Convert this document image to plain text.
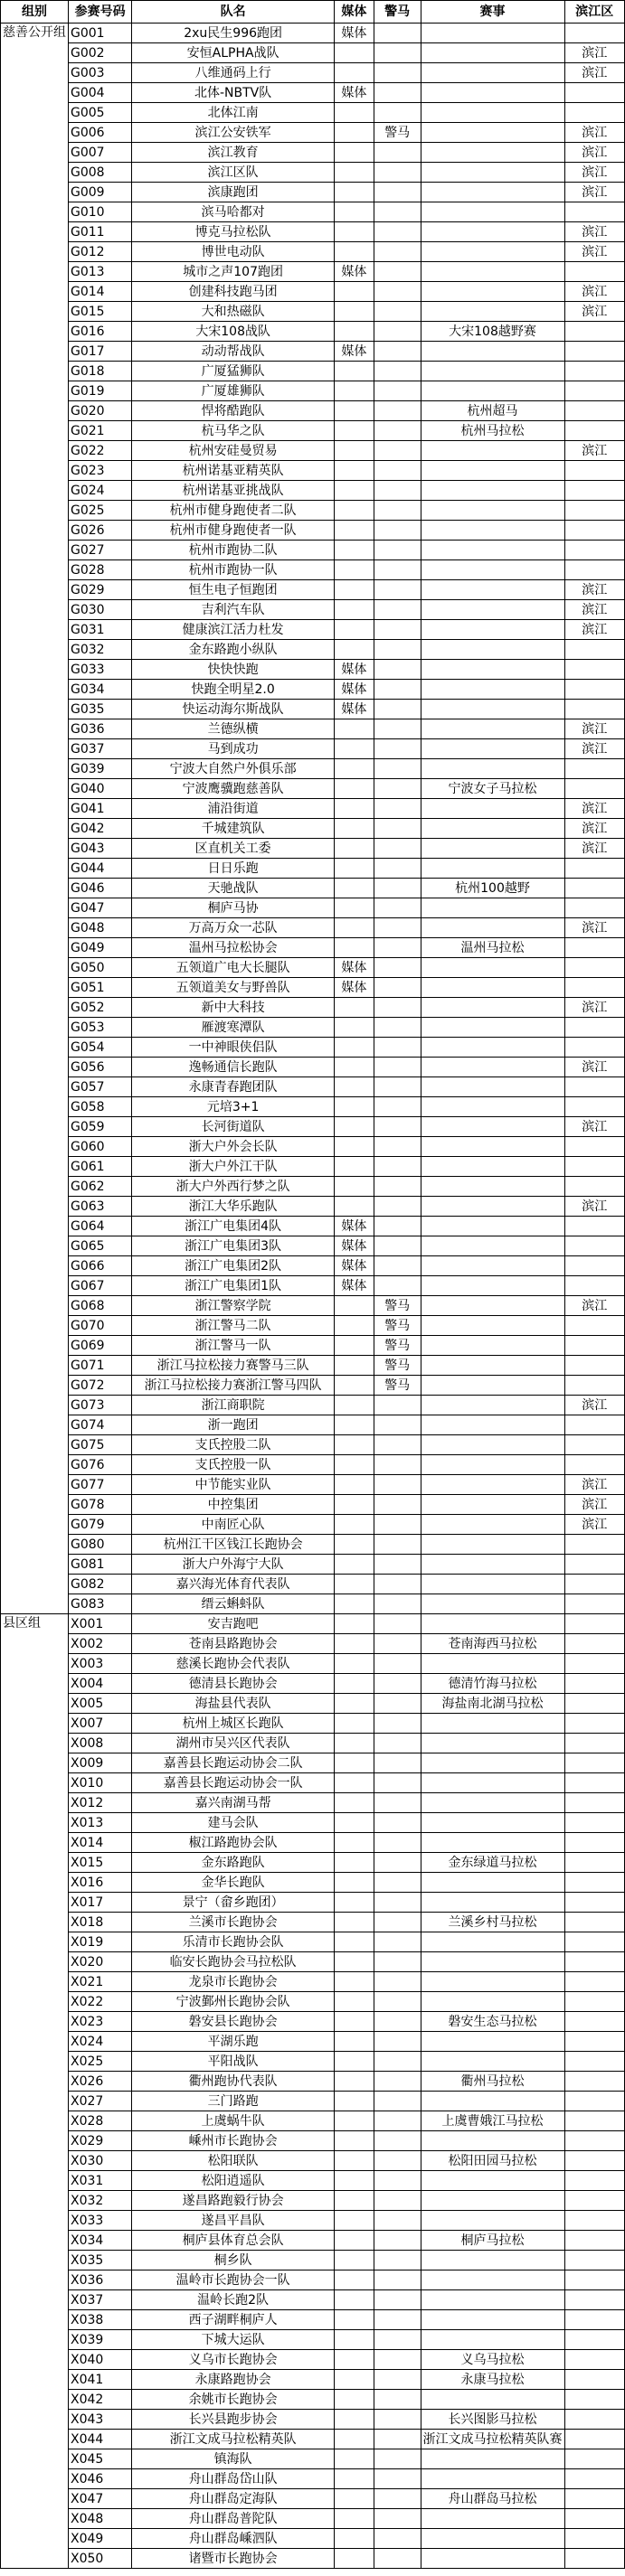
组别	参赛号码	队名	媒体	警马	赛事	滨江区

慈善公开组	G001	2xu民生996跑团	媒体			
	G002	安恒ALPHA战队				滨江
	G003	八维通码上行				滨江
	G004	北体-NBTV队	媒体			
	G005	北体江南				
	G006	滨江公安铁军		警马		滨江
	G007	滨江教育				滨江
	G008	滨江区队				滨江
	G009	滨康跑团				滨江
	G010	滨马哈都对				
	G011	博克马拉松队				滨江
	G012	博世电动队				滨江
	G013	城市之声107跑团	媒体			
	G014	创建科技跑马团				滨江
	G015	大和热磁队				滨江
	G016	大宋108战队			大宋108越野赛	
	G017	动动帮战队	媒体			
	G018	广厦猛狮队				
	G019	广厦雄狮队				
	G020	悍将酷跑队			杭州超马	
	G021	杭马华之队			杭州马拉松	
	G022	杭州安硅曼贸易				滨江
	G023	杭州诺基亚精英队				
	G024	杭州诺基亚挑战队				
	G025	杭州市健身跑使者二队				
	G026	杭州市健身跑使者一队				
	G027	杭州市跑协二队				
	G028	杭州市跑协一队				
	G029	恒生电子恒跑团				滨江
	G030	吉利汽车队				滨江
	G031	健康滨江活力杜发				滨江
	G032	金东路跑小纵队				
	G033	快快快跑	媒体			
	G034	快跑全明星2.0	媒体			
	G035	快运动海尔斯战队	媒体			
	G036	兰德纵横				滨江
	G037	马到成功				滨江
	G039	宁波大自然户外俱乐部				
	G040	宁波鹰骥跑慈善队			宁波女子马拉松	
	G041	浦沿街道				滨江
	G042	千城建筑队				滨江
	G043	区直机关工委				滨江
	G044	日日乐跑				
	G046	天驰战队			杭州100越野	
	G047	桐庐马协				
	G048	万高万众一芯队				滨江
	G049	温州马拉松协会			温州马拉松	
	G050	五领道广电大长腿队	媒体			
	G051	五领道美女与野兽队	媒体			
	G052	新中大科技				滨江
	G053	雁渡寒潭队				
	G054	一中神眼侠侣队				
	G056	逸畅通信长跑队				滨江
	G057	永康青春跑团队				
	G058	元培3+1				
	G059	长河街道队				滨江
	G060	浙大户外会长队				
	G061	浙大户外江干队				
	G062	浙大户外西行梦之队				
	G063	浙江大华乐跑队				滨江
	G064	浙江广电集团4队	媒体			
	G065	浙江广电集团3队	媒体			
	G066	浙江广电集团2队	媒体			
	G067	浙江广电集团1队	媒体			
	G068	浙江警察学院		警马		滨江
	G070	浙江警马二队		警马		
	G069	浙江警马一队		警马		
	G071	浙江马拉松接力赛警马三队		警马		
	G072	浙江马拉松接力赛浙江警马四队		警马		
	G073	浙江商职院				滨江
	G074	浙一跑团				
	G075	支氏控股二队				
	G076	支氏控股一队				
	G077	中节能实业队				滨江
	G078	中控集团				滨江
	G079	中南匠心队				滨江
	G080	杭州江干区钱江长跑协会				
	G081	浙大户外海宁大队				
	G082	嘉兴海光体育代表队				
	G083	缙云蝌蚪队				

县区组	X001	安吉跑吧				
	X002	苍南县路跑协会			苍南海西马拉松	
	X003	慈溪长跑协会代表队				
	X004	德清县长跑协会			德清竹海马拉松	
	X005	海盐县代表队			海盐南北湖马拉松	
	X007	杭州上城区长跑队				
	X008	湖州市吴兴区代表队				
	X009	嘉善县长跑运动协会二队				
	X010	嘉善县长跑运动协会一队				
	X012	嘉兴南湖马帮				
	X013	建马会队				
	X014	椒江路跑协会队				
	X015	金东路跑队			金东绿道马拉松	
	X016	金华长跑队				
	X017	景宁（畲乡跑团）				
	X018	兰溪市长跑协会			兰溪乡村马拉松	
	X019	乐清市长跑协会队				
	X020	临安长跑协会马拉松队				
	X021	龙泉市长跑协会				
	X022	宁波鄞州长跑协会队				
	X023	磐安县长跑协会			磐安生态马拉松	
	X024	平湖乐跑				
	X025	平阳战队				
	X026	衢州跑协代表队			衢州马拉松	
	X027	三门路跑				
	X028	上虞蜗牛队			上虞曹娥江马拉松	
	X029	嵊州市长跑协会				
	X030	松阳联队			松阳田园马拉松	
	X031	松阳逍遥队				
	X032	遂昌路跑毅行协会				
	X033	遂昌平昌队				
	X034	桐庐县体育总会队			桐庐马拉松	
	X035	桐乡队				
	X036	温岭市长跑协会一队				
	X037	温岭长跑2队				
	X038	西子湖畔桐庐人				
	X039	下城大运队				
	X040	义乌市长跑协会			义乌马拉松	
	X041	永康路跑协会			永康马拉松	
	X042	余姚市长跑协会				
	X043	长兴县跑步协会			长兴图影马拉松	
	X044	浙江文成马拉松精英队			浙江文成马拉松精英队赛	
	X045	镇海队				
	X046	舟山群岛岱山队				
	X047	舟山群岛定海队			舟山群岛马拉松	
	X048	舟山群岛普陀队				
	X049	舟山群岛嵊泗队				
	X050	诸暨市长跑协会				
